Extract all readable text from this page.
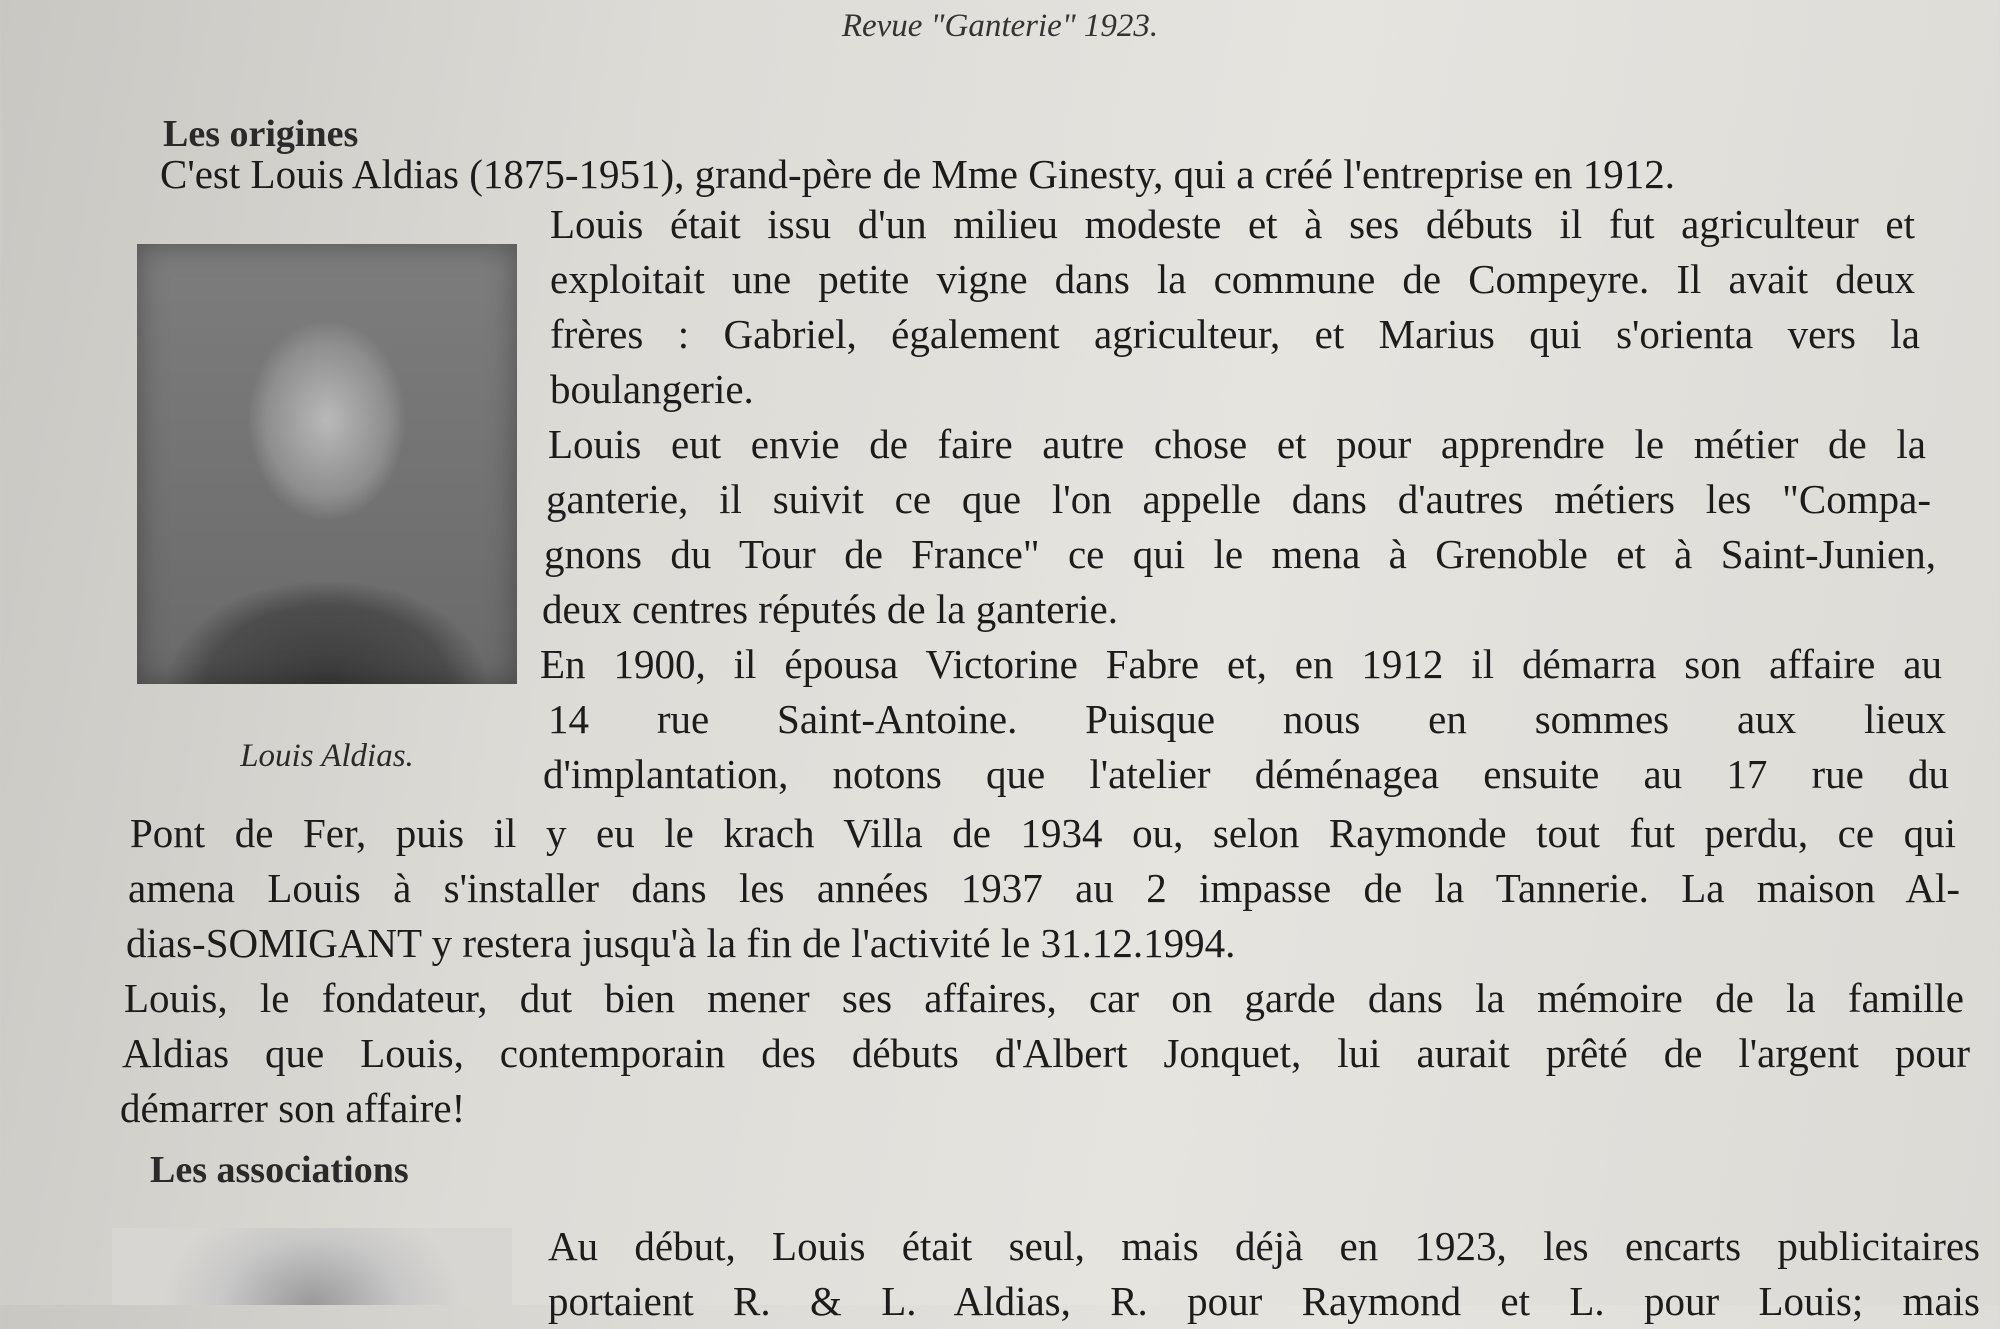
Revue "Ganterie" 1923.
Les origines
C'est Louis Aldias (1875-1951), grand-père de Mme Ginesty, qui a créé l'entreprise en 1912.
Louis Aldias.
Louis était issu d'un milieu modeste et à ses débuts il fut agriculteur et
exploitait une petite vigne dans la commune de Compeyre. Il avait deux
frères : Gabriel, également agriculteur, et Marius qui s'orienta vers la
boulangerie.
Louis eut envie de faire autre chose et pour apprendre le métier de la
ganterie, il suivit ce que l'on appelle dans d'autres métiers les "Compa-
gnons du Tour de France" ce qui le mena à Grenoble et à Saint-Junien,
deux centres réputés de la ganterie.
En 1900, il épousa Victorine Fabre et, en 1912 il démarra son affaire au
14 rue Saint-Antoine. Puisque nous en sommes aux lieux
d'implantation, notons que l'atelier déménagea ensuite au 17 rue du
Pont de Fer, puis il y eu le krach Villa de 1934 ou, selon Raymonde tout fut perdu, ce qui
amena Louis à s'installer dans les années 1937 au 2 impasse de la Tannerie. La maison Al-
dias-SOMIGANT y restera jusqu'à la fin de l'activité le 31.12.1994.
Louis, le fondateur, dut bien mener ses affaires, car on garde dans la mémoire de la famille
Aldias que Louis, contemporain des débuts d'Albert Jonquet, lui aurait prêté de l'argent pour
démarrer son affaire!
Les associations
Au début, Louis était seul, mais déjà en 1923, les encarts publicitaires
portaient R. & L. Aldias, R. pour Raymond et L. pour Louis; mais
